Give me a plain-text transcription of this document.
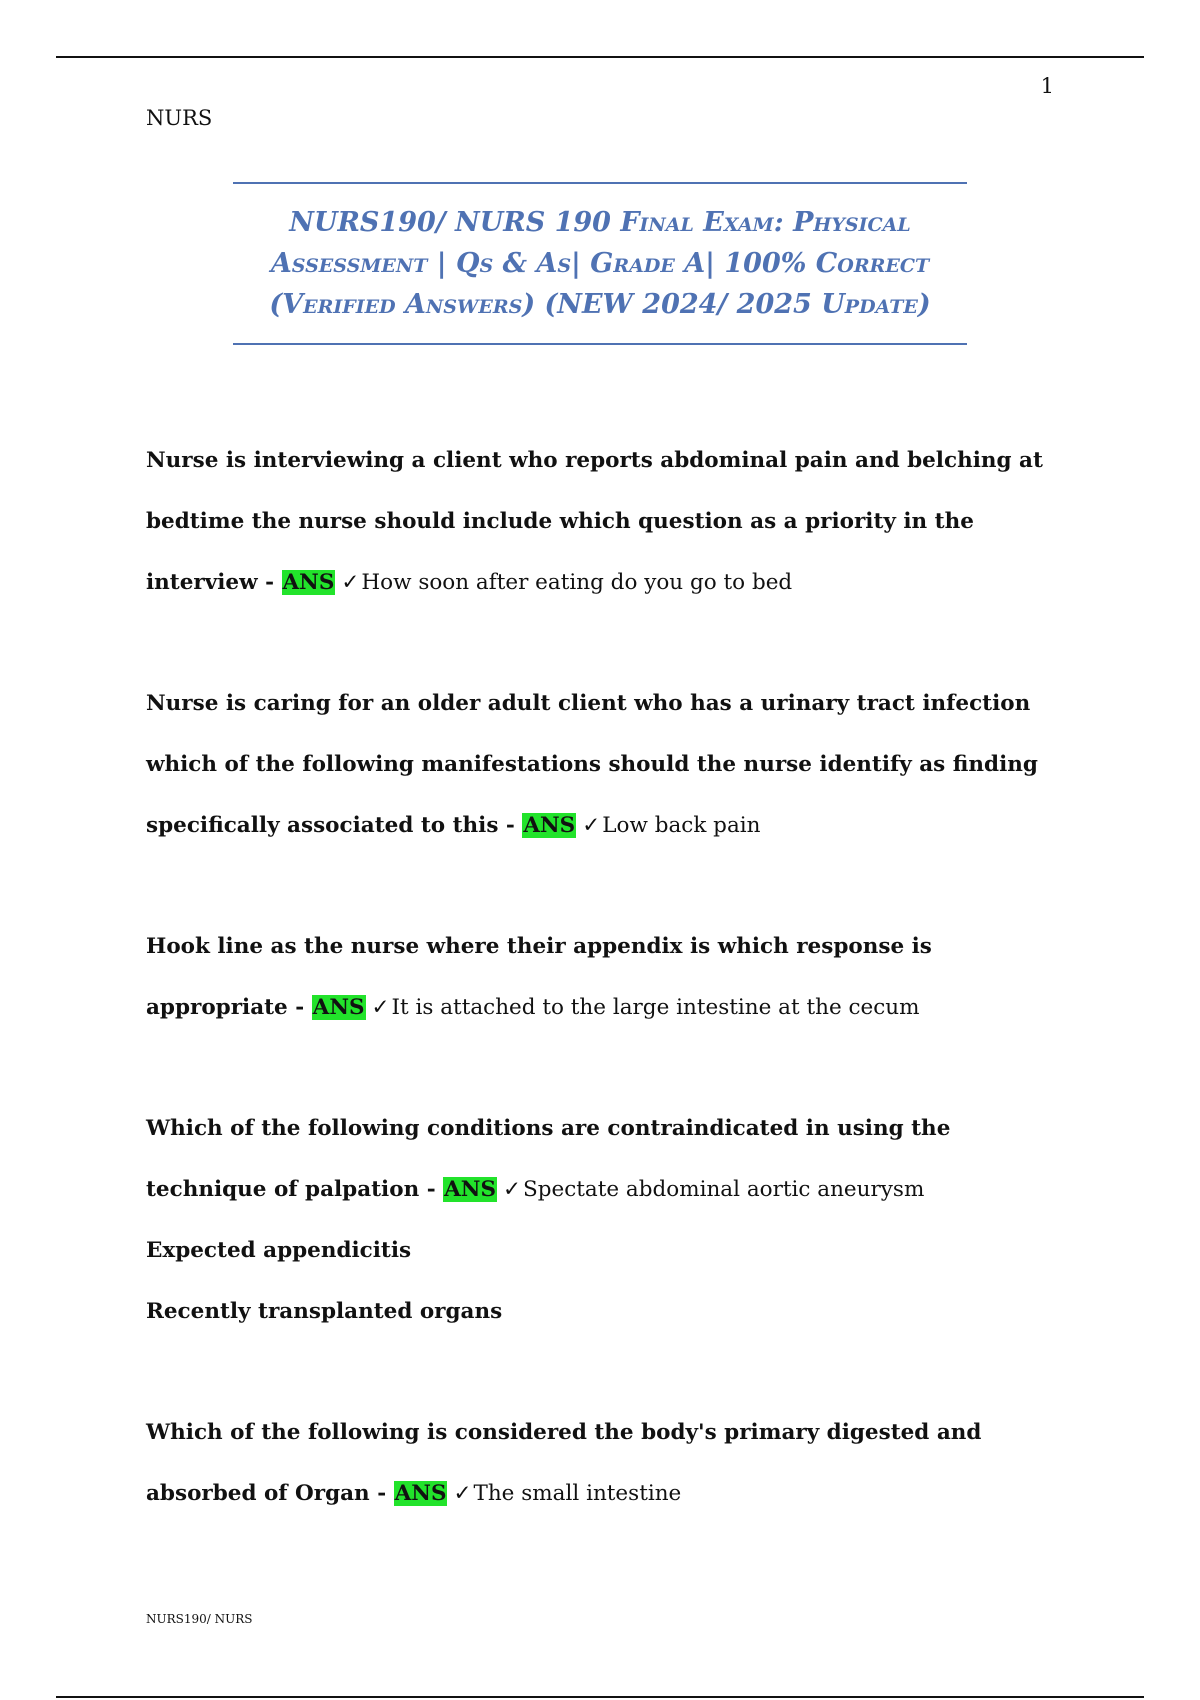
1
NURS

NURS190/ NURS 190 Final Exam: Physical Assessment | Qs & As| Grade A| 100% Correct (Verified Answers) (NEW 2024/ 2025 Update)

Nurse is interviewing a client who reports abdominal pain and belching at bedtime the nurse should include which question as a priority in the interview - ANS ✓How soon after eating do you go to bed
Nurse is caring for an older adult client who has a urinary tract infection which of the following manifestations should the nurse identify as finding specifically associated to this - ANS ✓Low back pain
Hook line as the nurse where their appendix is which response is appropriate - ANS ✓It is attached to the large intestine at the cecum
Which of the following conditions are contraindicated in using the technique of palpation - ANS ✓Spectate abdominal aortic aneurysm
Expected appendicitis
Recently transplanted organs
Which of the following is considered the body's primary digested and absorbed of Organ - ANS ✓The small intestine
NURS190/ NURS
